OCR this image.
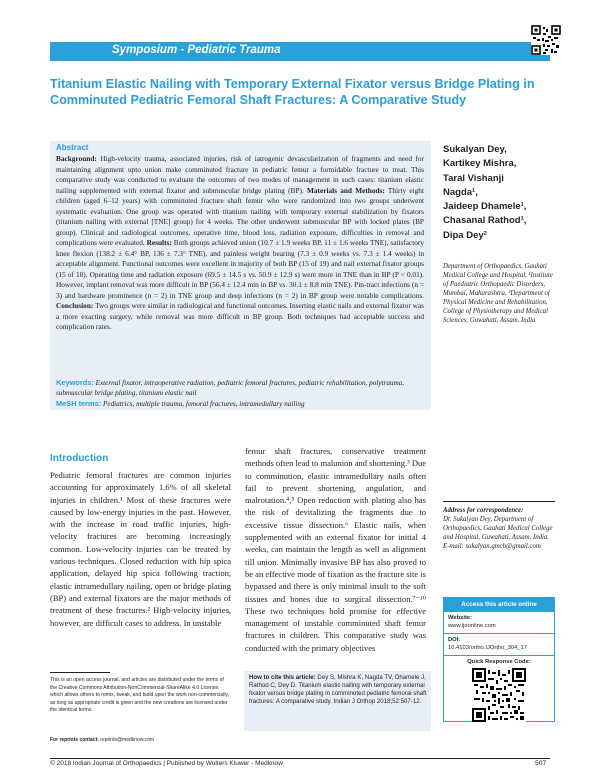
Symposium - Pediatric Trauma
Titanium Elastic Nailing with Temporary External Fixator versus Bridge Plating in Comminuted Pediatric Femoral Shaft Fractures: A Comparative Study
Abstract
Background: High-velocity trauma, associated injuries, risk of iatrogenic devascularization of fragments and need for maintaining alignment upto union make comminuted fracture in pediatric femur a formidable fracture to treat. This comparative study was conducted to evaluate the outcomes of two modes of management in such cases: titanium elastic nailing supplemented with external fixator and submuscular bridge plating (BP). Materials and Methods: Thirty eight children (aged 6–12 years) with comminuted fracture shaft femur who were randomized into two groups underwent systematic evaluation. One group was operated with titanium nailing with temporary external stabilization by fixators (titanium nailing with external [TNE] group) for 4 weeks. The other underwent submuscular BP with locked plates (BP group). Clinical and radiological outcomes, operative time, blood loss, radiation exposure, difficulties in removal and complications were evaluated. Results: Both groups achieved union (10.7 ± 1.9 weeks BP, 11 ± 1.6 weeks TNE), satisfactory knee flexion (138.2 ± 6.4° BP, 136 ± 7.3° TNE), and painless weight bearing (7.3 ± 0.9 weeks vs. 7.3 ± 1.4 weeks) in acceptable alignment. Functional outcomes were excellent in majority of both BP (15 of 19) and nail external fixator groups (15 of 18). Operating time and radiation exposure (69.5 ± 14.5 s vs. 50.9 ± 12.9 s) were more in TNE than in BP (P < 0.01). However, implant removal was more difficult in BP (56.4 ± 12.4 min in BP vs. 30.1 ± 8.8 min TNE). Pin-tract infections (n = 3) and hardware prominence (n = 2) in TNE group and deep infections (n = 2) in BP group were notable complications. Conclusion: Two groups were similar in radiological and functional outcomes. Inserting elastic nails and external fixator was a more exacting surgery, while removal was more difficult in BP group. Both techniques had acceptable success and complication rates.
Keywords: External fixator, intraoperative radiation, pediatric femoral fractures, pediatric rehabilitation, polytrauma, submuscular bridge plating, titanium elastic nail
MeSH terms: Pediatrics, multiple trauma, femoral fractures, intramedullary nailing
Sukalyan Dey,
Kartikey Mishra,
Taral Vishanji
Nagda¹,
Jaideep Dhamele¹,
Chasanal Rathod¹,
Dipa Dey²
Department of Orthopaedics, Gauhati Medical College and Hospital, ¹Institute of Paediatric Orthopaedic Disorders, Mumbai, Maharashtra, ²Department of Physical Medicine and Rehabilitation, College of Physiotherapy and Medical Sciences, Guwahati, Assam, India
Introduction
Pediatric femoral fractures are common injuries accounting for approximately 1.6% of all skeletal injuries in children.¹ Most of these fractures were caused by low-energy injuries in the past. However, with the increase in road traffic injuries, high-velocity fractures are becoming increasingly common. Low-velocity injuries can be treated by various techniques. Closed reduction with hip spica application, delayed hip spica following traction, elastic intramedullary nailing, open or bridge plating (BP) and external fixators are the major methods of treatment of these fractures.² High-velocity injuries, however, are difficult cases to address. In unstable
femur shaft fractures, conservative treatment methods often lead to malunion and shortening.³ Due to comminution, elastic intramedullary nails often fail to prevent shortening, angulation, and malrotation.⁴,⁵ Open reduction with plating also has the risk of devitalizing the fragments due to excessive tissue dissection.⁶ Elastic nails, when supplemented with an external fixator for initial 4 weeks, can maintain the length as well as alignment till union. Minimally invasive BP has also proved to be an effective mode of fixation as the fracture site is bypassed and there is only minimal insult to the soft tissues and bones due to surgical dissection.⁷⁻¹⁰ These two techniques hold promise for effective management of unstable comminuted shaft femur fractures in children. This comparative study was conducted with the primary objectives
This is an open access journal, and articles are distributed under the terms of the Creative Commons Attribution-NonCommercial-ShareAlike 4.0 License, which allows others to remix, tweak, and build upon the work non-commercially, as long as appropriate credit is given and the new creations are licensed under the identical terms.
For reprints contact: reprints@medknow.com
How to cite this article: Dey S, Mishra K, Nagda TV, Dhamele J, Rathod C, Dey D. Titanium elastic nailing with temporary external fixator versus bridge plating in comminuted pediatric femoral shaft fractures: A comparative study. Indian J Orthop 2018;52:507-12.
Address for correspondence:
Dr. Sukalyan Dey, Department of Orthopaedics, Gauhati Medical College and Hospital, Guwahati, Assam, India.
E-mail: sukalyan.gmch@gmail.com
Access this article online
Website:
www.ijoonline.com
DOI:
10.4103/ortho.IJOrtho_304_17
Quick Response Code:
© 2018 Indian Journal of Orthopaedics | Published by Wolters Kluwer - Medknow	507
